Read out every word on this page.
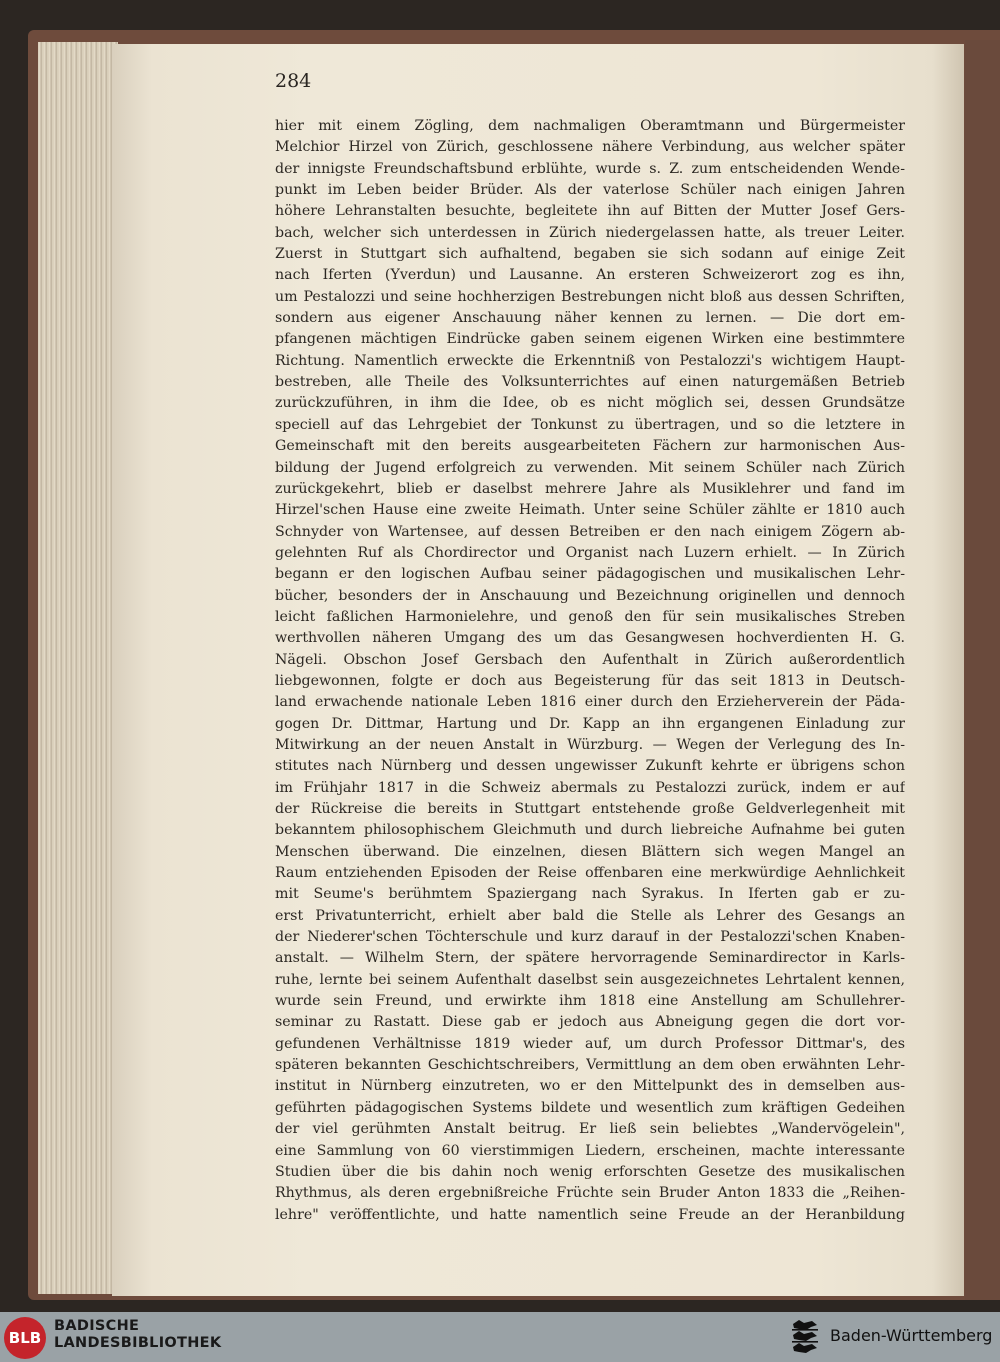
284
hier mit einem Zögling, dem nachmaligen Oberamtmann und Bürgermeister
Melchior Hirzel von Zürich, geschlossene nähere Verbindung, aus welcher später
der innigste Freundschaftsbund erblühte, wurde s. Z. zum entscheidenden Wende-
punkt im Leben beider Brüder. Als der vaterlose Schüler nach einigen Jahren
höhere Lehranstalten besuchte, begleitete ihn auf Bitten der Mutter Josef Gers-
bach, welcher sich unterdessen in Zürich niedergelassen hatte, als treuer Leiter.
Zuerst in Stuttgart sich aufhaltend, begaben sie sich sodann auf einige Zeit
nach Iferten (Yverdun) und Lausanne. An ersteren Schweizerort zog es ihn,
um Pestalozzi und seine hochherzigen Bestrebungen nicht bloß aus dessen Schriften,
sondern aus eigener Anschauung näher kennen zu lernen. — Die dort em-
pfangenen mächtigen Eindrücke gaben seinem eigenen Wirken eine bestimmtere
Richtung. Namentlich erweckte die Erkenntniß von Pestalozzi's wichtigem Haupt-
bestreben, alle Theile des Volksunterrichtes auf einen naturgemäßen Betrieb
zurückzuführen, in ihm die Idee, ob es nicht möglich sei, dessen Grundsätze
speciell auf das Lehrgebiet der Tonkunst zu übertragen, und so die letztere in
Gemeinschaft mit den bereits ausgearbeiteten Fächern zur harmonischen Aus-
bildung der Jugend erfolgreich zu verwenden. Mit seinem Schüler nach Zürich
zurückgekehrt, blieb er daselbst mehrere Jahre als Musiklehrer und fand im
Hirzel'schen Hause eine zweite Heimath. Unter seine Schüler zählte er 1810 auch
Schnyder von Wartensee, auf dessen Betreiben er den nach einigem Zögern ab-
gelehnten Ruf als Chordirector und Organist nach Luzern erhielt. — In Zürich
begann er den logischen Aufbau seiner pädagogischen und musikalischen Lehr-
bücher, besonders der in Anschauung und Bezeichnung originellen und dennoch
leicht faßlichen Harmonielehre, und genoß den für sein musikalisches Streben
werthvollen näheren Umgang des um das Gesangwesen hochverdienten H. G.
Nägeli. Obschon Josef Gersbach den Aufenthalt in Zürich außerordentlich
liebgewonnen, folgte er doch aus Begeisterung für das seit 1813 in Deutsch-
land erwachende nationale Leben 1816 einer durch den Erzieherverein der Päda-
gogen Dr. Dittmar, Hartung und Dr. Kapp an ihn ergangenen Einladung zur
Mitwirkung an der neuen Anstalt in Würzburg. — Wegen der Verlegung des In-
stitutes nach Nürnberg und dessen ungewisser Zukunft kehrte er übrigens schon
im Frühjahr 1817 in die Schweiz abermals zu Pestalozzi zurück, indem er auf
der Rückreise die bereits in Stuttgart entstehende große Geldverlegenheit mit
bekanntem philosophischem Gleichmuth und durch liebreiche Aufnahme bei guten
Menschen überwand. Die einzelnen, diesen Blättern sich wegen Mangel an
Raum entziehenden Episoden der Reise offenbaren eine merkwürdige Aehnlichkeit
mit Seume's berühmtem Spaziergang nach Syrakus. In Iferten gab er zu-
erst Privatunterricht, erhielt aber bald die Stelle als Lehrer des Gesangs an
der Niederer'schen Töchterschule und kurz darauf in der Pestalozzi'schen Knaben-
anstalt. — Wilhelm Stern, der spätere hervorragende Seminardirector in Karls-
ruhe, lernte bei seinem Aufenthalt daselbst sein ausgezeichnetes Lehrtalent kennen,
wurde sein Freund, und erwirkte ihm 1818 eine Anstellung am Schullehrer-
seminar zu Rastatt. Diese gab er jedoch aus Abneigung gegen die dort vor-
gefundenen Verhältnisse 1819 wieder auf, um durch Professor Dittmar's, des
späteren bekannten Geschichtschreibers, Vermittlung an dem oben erwähnten Lehr-
institut in Nürnberg einzutreten, wo er den Mittelpunkt des in demselben aus-
geführten pädagogischen Systems bildete und wesentlich zum kräftigen Gedeihen
der viel gerühmten Anstalt beitrug. Er ließ sein beliebtes „Wandervögelein",
eine Sammlung von 60 vierstimmigen Liedern, erscheinen, machte interessante
Studien über die bis dahin noch wenig erforschten Gesetze des musikalischen
Rhythmus, als deren ergebnißreiche Früchte sein Bruder Anton 1833 die „Reihen-
lehre" veröffentlichte, und hatte namentlich seine Freude an der Heranbildung
BLB
BADISCHE
LANDESBIBLIOTHEK	Baden-Württemberg
